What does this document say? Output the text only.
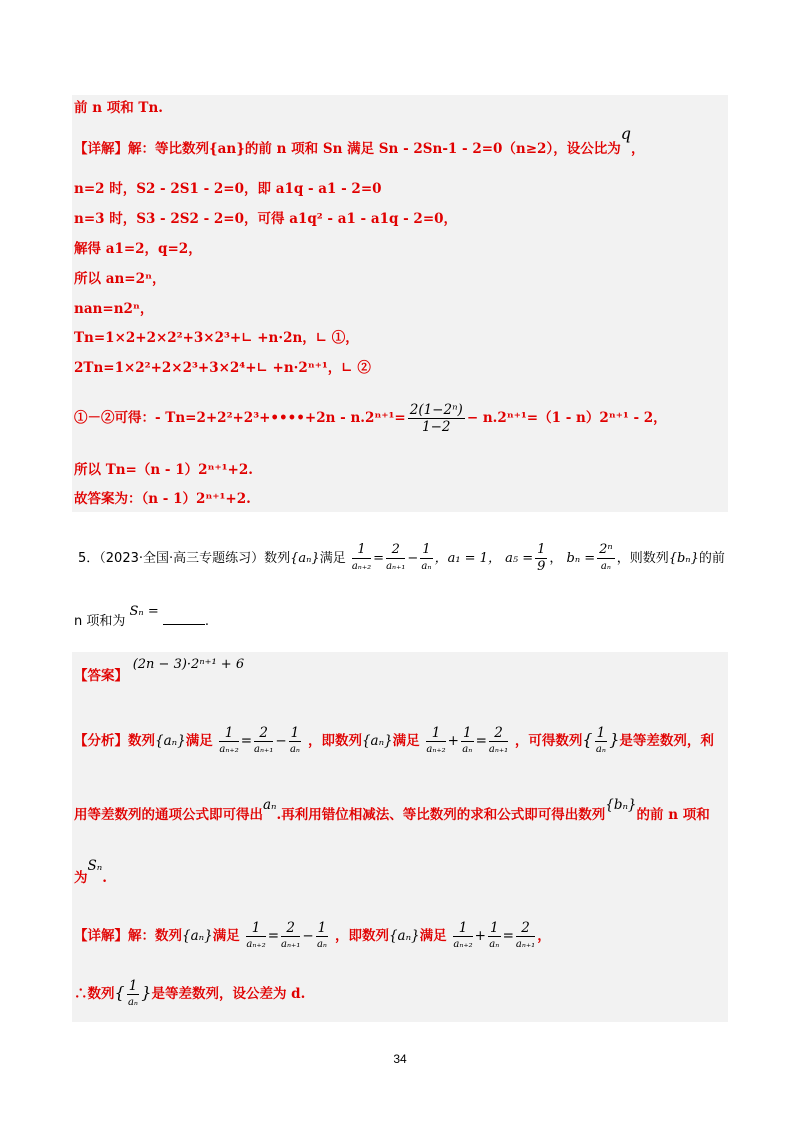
前 n 项和 Tn.
【详解】解：等比数列{an}的前 n 项和 Sn 满足 Sn - 2Sn-1 - 2=0（n≥2），设公比为q，
n=2 时，S2 - 2S1 - 2=0，即 a1q - a1 - 2=0
n=3 时，S3 - 2S2 - 2=0，可得 a1q² - a1 - a1q - 2=0，
解得 a1=2，q=2，
所以 an=2ⁿ，
nan=n2ⁿ，
Tn=1×2+2×2²+3×2³+∟ +n·2n，∟ ①，
2Tn=1×2²+2×2³+3×2⁴+∟ +n·2ⁿ⁺¹，∟ ②
①－②可得：- Tn=2+2²+2³+••••+2n - $n.2^{n+1}= \frac{\text{2(1−2ⁿ)}}{1-2} - n.2^{n+1}=(1 - n)2^{n+1} - 2$，
所以 Tn=（n - 1）2ⁿ⁺¹+2.
故答案为：（n - 1）2ⁿ⁺¹+2.
5．（2023·全国·高三专题练习）数列{aₙ}满足 $\frac{1}{\text{aₙ₊₂}} = \frac{2}{\text{aₙ₊₁}} - \frac{1}{\text{aₙ}}$ ，a₁ = 1， $a_5 = \frac{1}{9}$ ， $b_n = \frac{\text{2ⁿ}}{\text{aₙ}}$ ，则数列{bₙ}的前
n 项和为 Sₙ = .
【答案】 (2n − 3)·2ⁿ⁺¹ + 6
【分析】数列{aₙ}满足 $\frac{1}{\text{aₙ₊₂}} = \frac{2}{\text{aₙ₊₁}} - \frac{1}{\text{aₙ}}$ ，即数列{aₙ}满足 $\frac{1}{\text{aₙ₊₂}} + \frac{1}{\text{aₙ}} = \frac{2}{\text{aₙ₊₁}}$ ，可得数列{ $\frac{1}{\text{aₙ}}$ }是等差数列，利
用等差数列的通项公式即可得出aₙ.再利用错位相减法、等比数列的求和公式即可得出数列{bₙ}的前 n 项和
为Sₙ.
【详解】解：数列{aₙ}满足 $\frac{1}{\text{aₙ₊₂}} = \frac{2}{\text{aₙ₊₁}} - \frac{1}{\text{aₙ}}$ ，即数列{aₙ}满足 $\frac{1}{\text{aₙ₊₂}} + \frac{1}{\text{aₙ}} = \frac{2}{\text{aₙ₊₁}}$ ，
∴数列{ $\frac{1}{\text{aₙ}}$ }是等差数列，设公差为 d.
34
